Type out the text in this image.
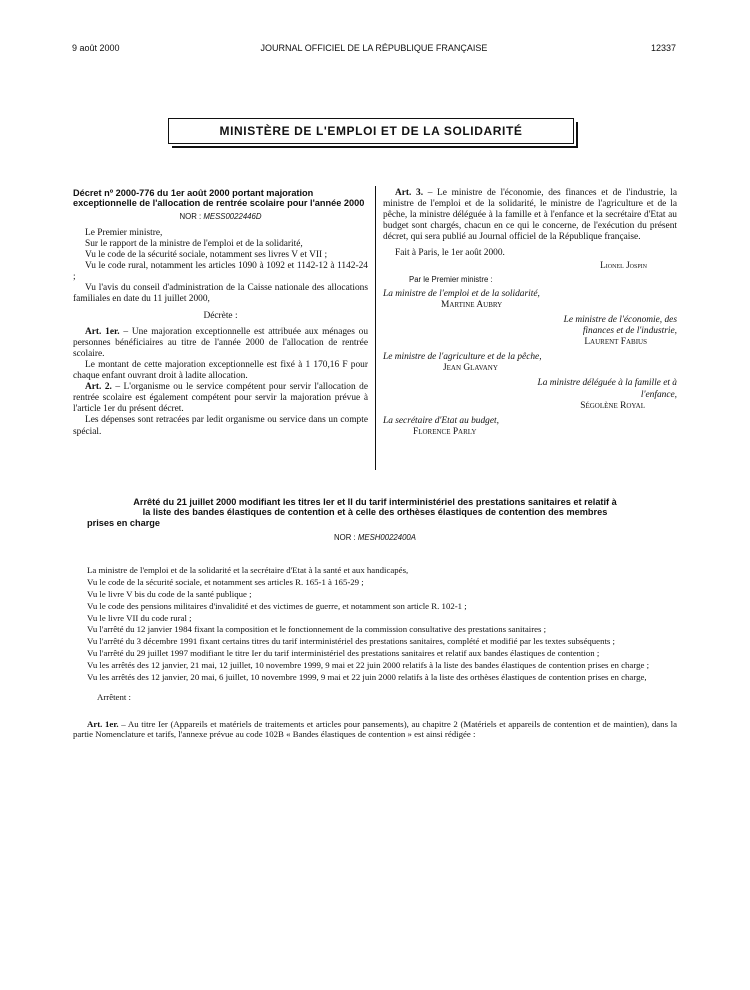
9 août 2000	JOURNAL OFFICIEL DE LA RÉPUBLIQUE FRANÇAISE	12337
MINISTÈRE DE L'EMPLOI ET DE LA SOLIDARITÉ
Décret nº 2000-776 du 1er août 2000 portant majoration exceptionnelle de l'allocation de rentrée scolaire pour l'année 2000
NOR : MESS0022446D

Le Premier ministre,

Sur le rapport de la ministre de l'emploi et de la solidarité,

Vu le code de la sécurité sociale, notamment ses livres V et VII ;

Vu le code rural, notamment les articles 1090 à 1092 et 1142-12 à 1142-24 ;

Vu l'avis du conseil d'administration de la Caisse nationale des allocations familiales en date du 11 juillet 2000,

Décrète :

Art. 1er. – Une majoration exceptionnelle est attribuée aux ménages ou personnes bénéficiaires au titre de l'année 2000 de l'allocation de rentrée scolaire.

Le montant de cette majoration exceptionnelle est fixé à 1 170,16 F pour chaque enfant ouvrant droit à ladite allocation.

Art. 2. – L'organisme ou le service compétent pour servir l'allocation de rentrée scolaire est également compétent pour servir la majoration prévue à l'article 1er du présent décret.

Les dépenses sont retracées par ledit organisme ou service dans un compte spécial.

Art. 3. – Le ministre de l'économie, des finances et de l'industrie, la ministre de l'emploi et de la solidarité, le ministre de l'agriculture et de la pêche, la ministre déléguée à la famille et à l'enfance et la secrétaire d'Etat au budget sont chargés, chacun en ce qui le concerne, de l'exécution du présent décret, qui sera publié au Journal officiel de la République française.

Fait à Paris, le 1er août 2000.

Lionel Jospin

Par le Premier ministre :

La ministre de l'emploi et de la solidarité,

Martine Aubry

Le ministre de l'économie, des finances et de l'industrie,

Laurent Fabius

Le ministre de l'agriculture et de la pêche,

Jean Glavany

La ministre déléguée à la famille et à l'enfance,

Ségolène Royal

La secrétaire d'Etat au budget,

Florence Parly

Arrêté du 21 juillet 2000 modifiant les titres Ier et II du tarif interministériel des prestations sanitaires et relatif à
la liste des bandes élastiques de contention et à celle des orthèses élastiques de contention des membres
prises en charge
NOR : MESH0022400A

La ministre de l'emploi et de la solidarité et la secrétaire d'Etat à la santé et aux handicapés,

Vu le code de la sécurité sociale, et notamment ses articles R. 165-1 à 165-29 ;

Vu le livre V bis du code de la santé publique ;

Vu le code des pensions militaires d'invalidité et des victimes de guerre, et notamment son article R. 102-1 ;

Vu le livre VII du code rural ;

Vu l'arrêté du 12 janvier 1984 fixant la composition et le fonctionnement de la commission consultative des prestations sanitaires ;

Vu l'arrêté du 3 décembre 1991 fixant certains titres du tarif interministériel des prestations sanitaires, complété et modifié par les textes subséquents ;

Vu l'arrêté du 29 juillet 1997 modifiant le titre Ier du tarif interministériel des prestations sanitaires et relatif aux bandes élastiques de contention ;

Vu les arrêtés des 12 janvier, 21 mai, 12 juillet, 10 novembre 1999, 9 mai et 22 juin 2000 relatifs à la liste des bandes élastiques de contention prises en charge ;

Vu les arrêtés des 12 janvier, 20 mai, 6 juillet, 10 novembre 1999, 9 mai et 22 juin 2000 relatifs à la liste des orthèses élastiques de contention prises en charge,

Arrêtent :

Art. 1er. – Au titre Ier (Appareils et matériels de traitements et articles pour pansements), au chapitre 2 (Matériels et appareils de contention et de maintien), dans la partie Nomenclature et tarifs, l'annexe prévue au code 102B « Bandes élastiques de contention » est ainsi rédigée :
